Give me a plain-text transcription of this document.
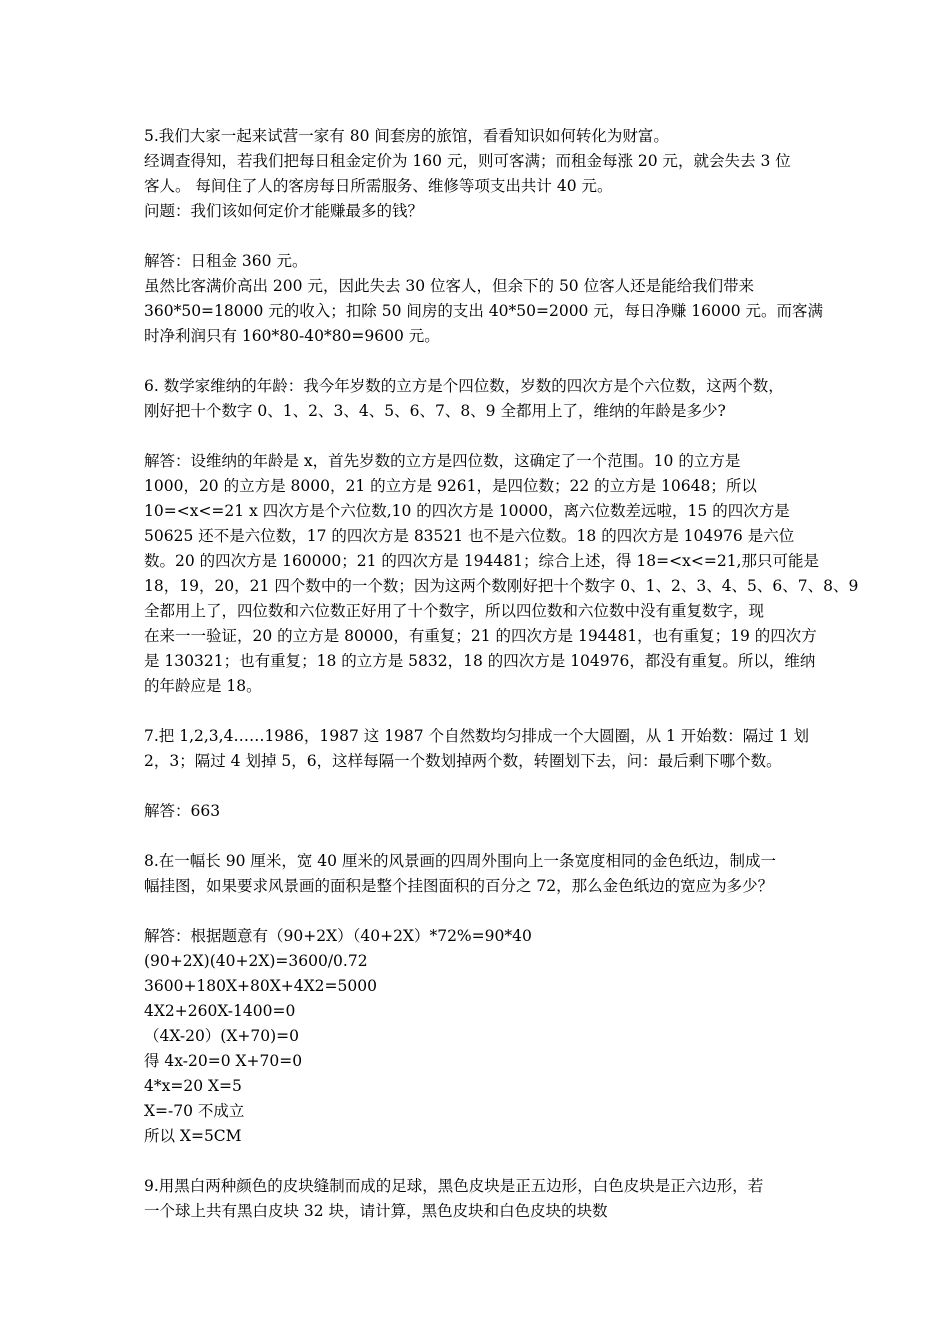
5.我们大家一起来试营一家有 80 间套房的旅馆，看看知识如何转化为财富。
经调查得知，若我们把每日租金定价为 160 元，则可客满；而租金每涨 20 元，就会失去 3 位
客人。 每间住了人的客房每日所需服务、维修等项支出共计 40 元。
问题：我们该如何定价才能赚最多的钱？
解答：日租金 360 元。
虽然比客满价高出 200 元，因此失去 30 位客人，但余下的 50 位客人还是能给我们带来
360*50=18000 元的收入；扣除 50 间房的支出 40*50=2000 元，每日净赚 16000 元。而客满
时净利润只有 160*80-40*80=9600 元。
6. 数学家维纳的年龄：我今年岁数的立方是个四位数，岁数的四次方是个六位数，这两个数，
刚好把十个数字 0、1、2、3、4、5、6、7、8、9 全都用上了，维纳的年龄是多少?
解答：设维纳的年龄是 x，首先岁数的立方是四位数，这确定了一个范围。10 的立方是
1000，20 的立方是 8000，21 的立方是 9261，是四位数；22 的立方是 10648；所以
10=<x<=21 x 四次方是个六位数,10 的四次方是 10000，离六位数差远啦，15 的四次方是
50625 还不是六位数，17 的四次方是 83521 也不是六位数。18 的四次方是 104976 是六位
数。20 的四次方是 160000；21 的四次方是 194481；综合上述，得 18=<x<=21,那只可能是
18，19，20，21 四个数中的一个数；因为这两个数刚好把十个数字 0、1、2、3、4、5、6、7、8、9
全都用上了，四位数和六位数正好用了十个数字，所以四位数和六位数中没有重复数字，现
在来一一验证，20 的立方是 80000，有重复；21 的四次方是 194481，也有重复；19 的四次方
是 130321；也有重复；18 的立方是 5832，18 的四次方是 104976，都没有重复。所以，维纳
的年龄应是 18。
7.把 1,2,3,4……1986，1987 这 1987 个自然数均匀排成一个大圆圈，从 1 开始数：隔过 1 划
2，3；隔过 4 划掉 5，6，这样每隔一个数划掉两个数，转圈划下去，问：最后剩下哪个数。
解答：663
8.在一幅长 90 厘米，宽 40 厘米的风景画的四周外围向上一条宽度相同的金色纸边，制成一
幅挂图，如果要求风景画的面积是整个挂图面积的百分之 72，那么金色纸边的宽应为多少？
解答：根据题意有（90+2X）（40+2X）*72%=90*40
(90+2X)(40+2X)=3600/0.72
3600+180X+80X+4X2=5000
4X2+260X-1400=0
（4X-20）(X+70)=0
得 4x-20=0 X+70=0
4*x=20 X=5
X=-70 不成立
所以 X=5CM
9.用黑白两种颜色的皮块缝制而成的足球，黑色皮块是正五边形，白色皮块是正六边形，若
一个球上共有黑白皮块 32 块，请计算，黑色皮块和白色皮块的块数
